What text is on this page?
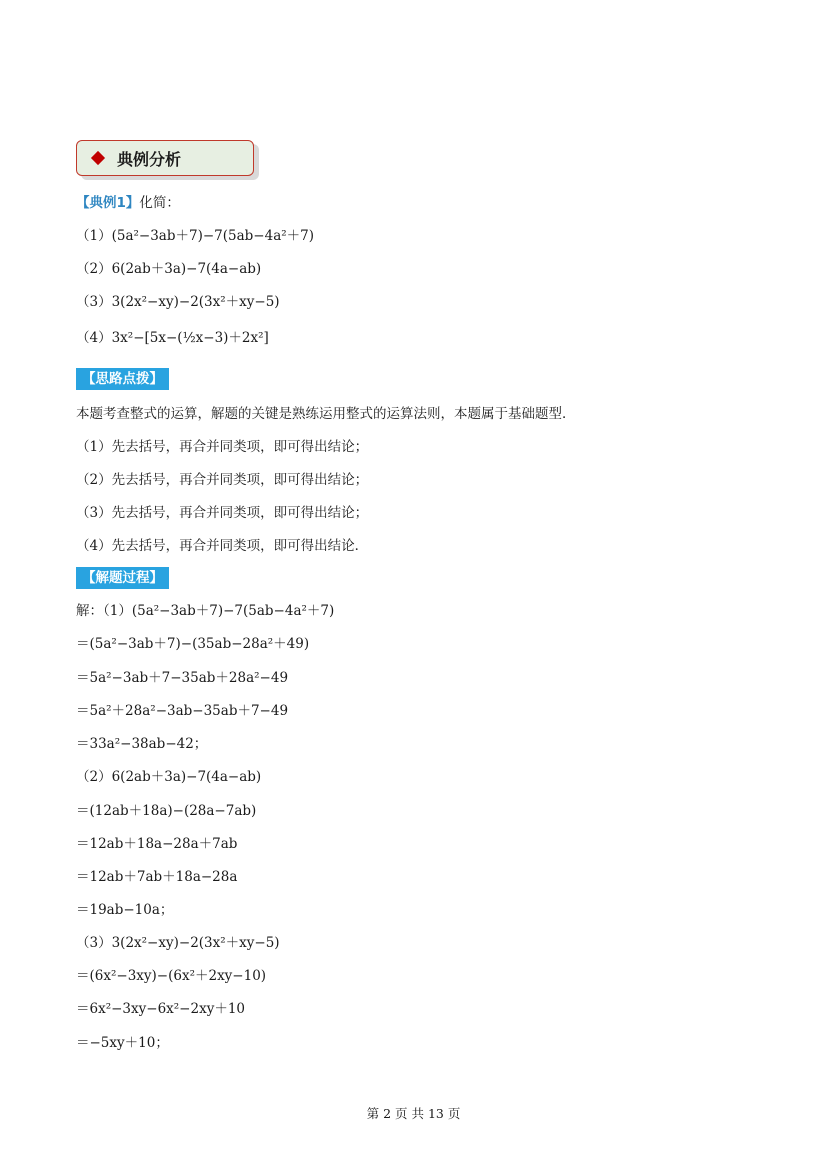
典例分析
【典例1】化简：
（1）(5a²−3ab＋7)−7(5ab−4a²＋7)
（2）6(2ab＋3a)−7(4a−ab)
（3）3(2x²−xy)−2(3x²＋xy−5)
（4）3x²−[5x−(½x−3)＋2x²]
【思路点拨】
本题考查整式的运算，解题的关键是熟练运用整式的运算法则，本题属于基础题型．
（1）先去括号，再合并同类项，即可得出结论；
（2）先去括号，再合并同类项，即可得出结论；
（3）先去括号，再合并同类项，即可得出结论；
（4）先去括号，再合并同类项，即可得出结论．
【解题过程】
解：（1）(5a²−3ab＋7)−7(5ab−4a²＋7)
＝(5a²−3ab＋7)−(35ab−28a²＋49)
＝5a²−3ab＋7−35ab＋28a²−49
＝5a²＋28a²−3ab−35ab＋7−49
＝33a²−38ab−42；
（2）6(2ab＋3a)−7(4a−ab)
＝(12ab＋18a)−(28a−7ab)
＝12ab＋18a−28a＋7ab
＝12ab＋7ab＋18a−28a
＝19ab−10a；
（3）3(2x²−xy)−2(3x²＋xy−5)
＝(6x²−3xy)−(6x²＋2xy−10)
＝6x²−3xy−6x²−2xy＋10
＝−5xy＋10；
第 2 页 共 13 页
